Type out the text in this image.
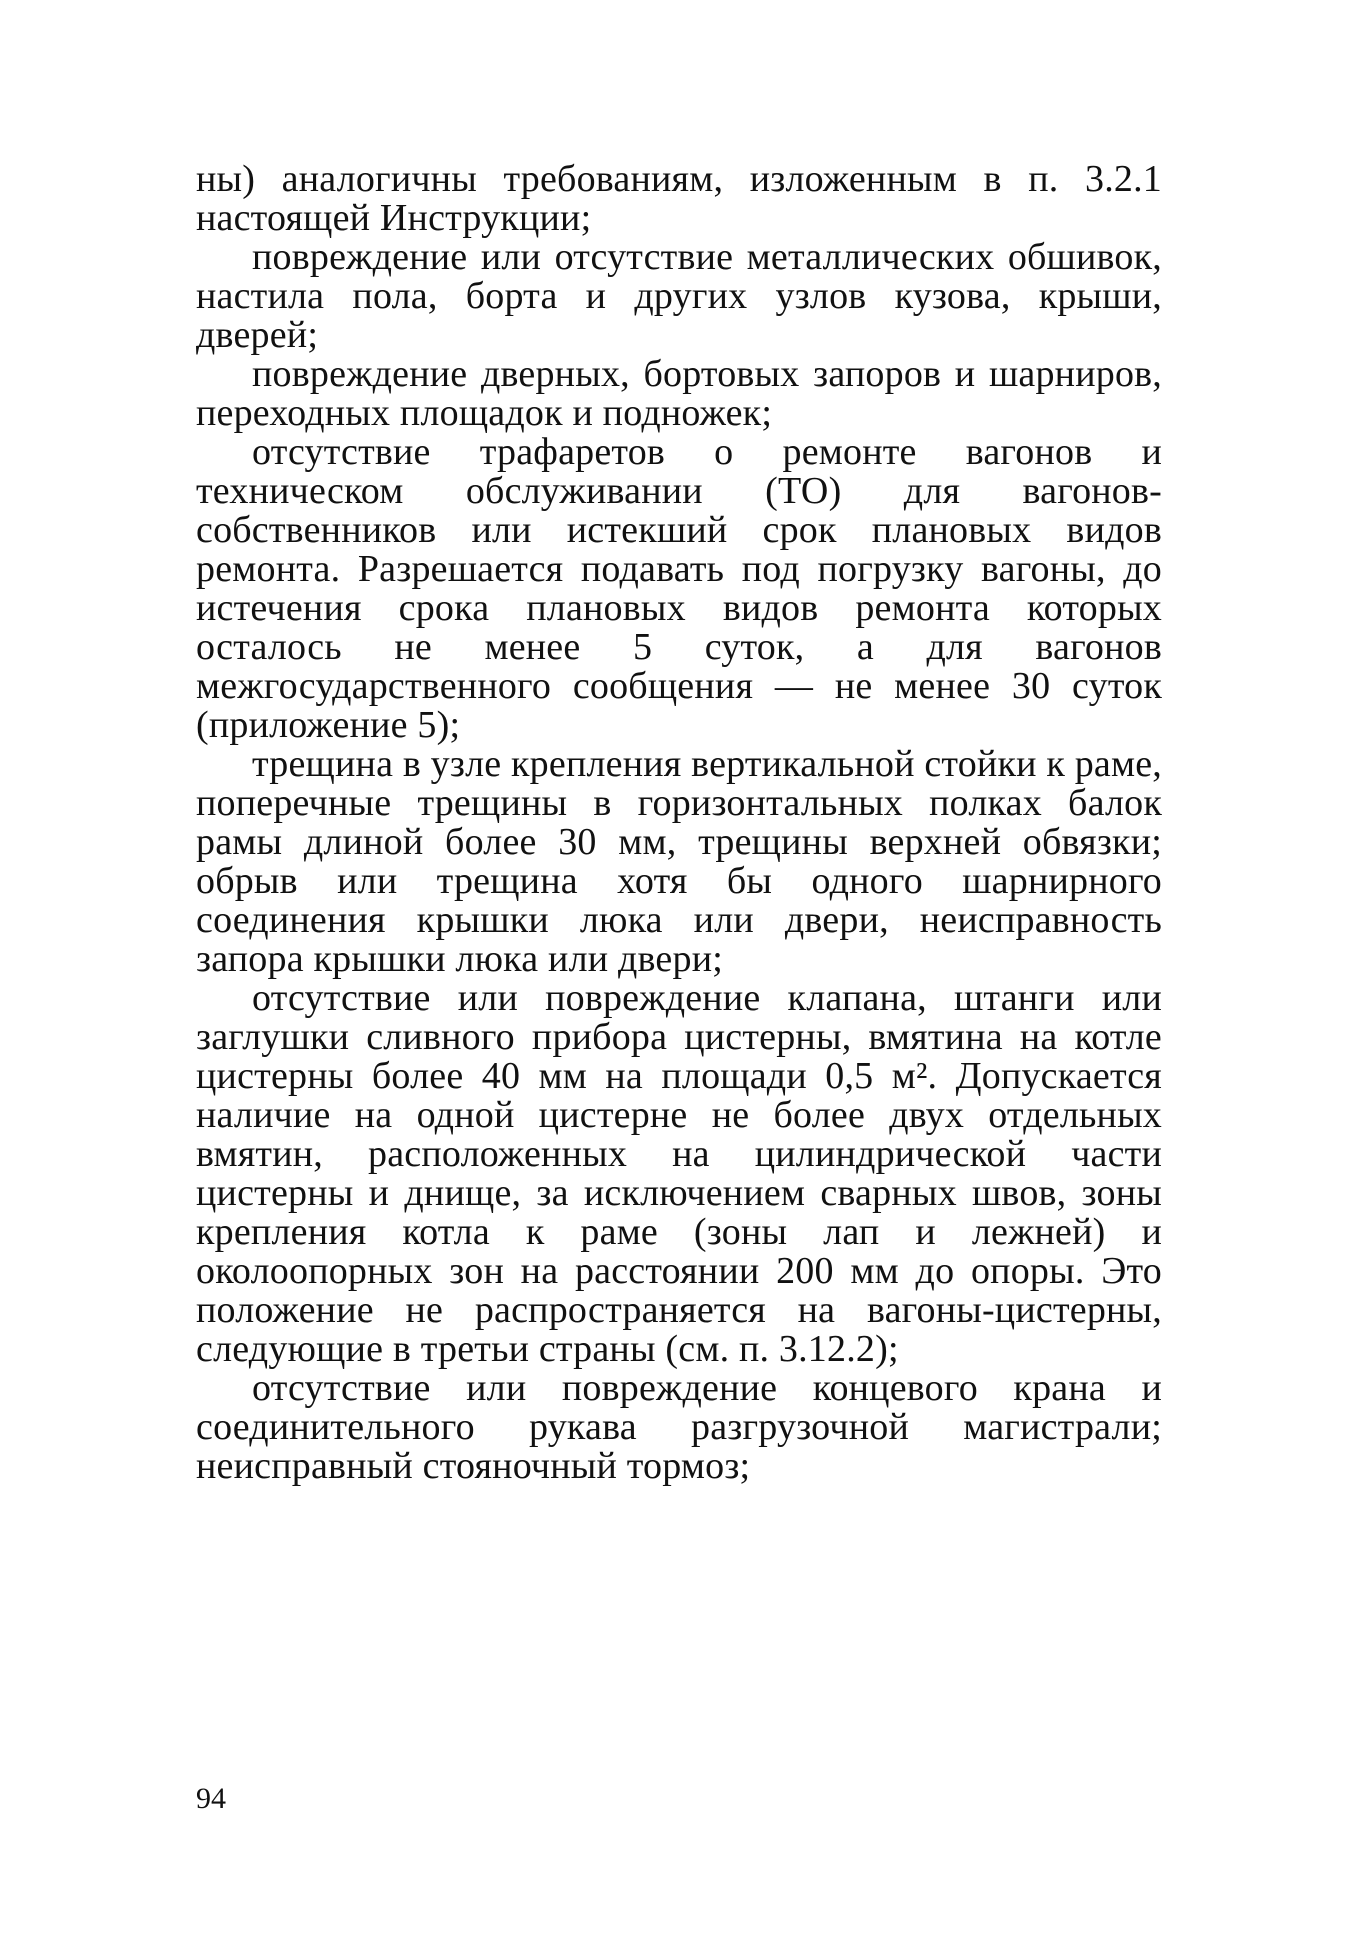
ны) аналогичны требованиям, изложенным в п. 3.2.1 настоящей Инструкции;

повреждение или отсутствие металлических обшивок, настила пола, борта и других узлов кузова, крыши, дверей;

повреждение дверных, бортовых запоров и шарниров, переходных площадок и подножек;

отсутствие трафаретов о ремонте вагонов и техническом обслуживании (ТО) для вагонов-собственников или истекший срок плановых видов ремонта. Разрешается подавать под погрузку вагоны, до истечения срока плановых видов ремонта которых осталось не менее 5 суток, а для вагонов межгосударственного сообщения — не менее 30 суток (приложение 5);

трещина в узле крепления вертикальной стойки к раме, поперечные трещины в горизонтальных полках балок рамы длиной более 30 мм, трещины верхней обвязки; обрыв или трещина хотя бы одного шарнирного соединения крышки люка или двери, неисправность запора крышки люка или двери;

отсутствие или повреждение клапана, штанги или заглушки сливного прибора цистерны, вмятина на котле цистерны более 40 мм на площади 0,5 м². Допускается наличие на одной цистерне не более двух отдельных вмятин, расположенных на цилиндрической части цистерны и днище, за исключением сварных швов, зоны крепления котла к раме (зоны лап и лежней) и околоопорных зон на расстоянии 200 мм до опоры. Это положение не распространяется на вагоны-цистерны, следующие в третьи страны (см. п. 3.12.2);

отсутствие или повреждение концевого крана и соединительного рукава разгрузочной магистрали; неисправный стояночный тормоз;

94
